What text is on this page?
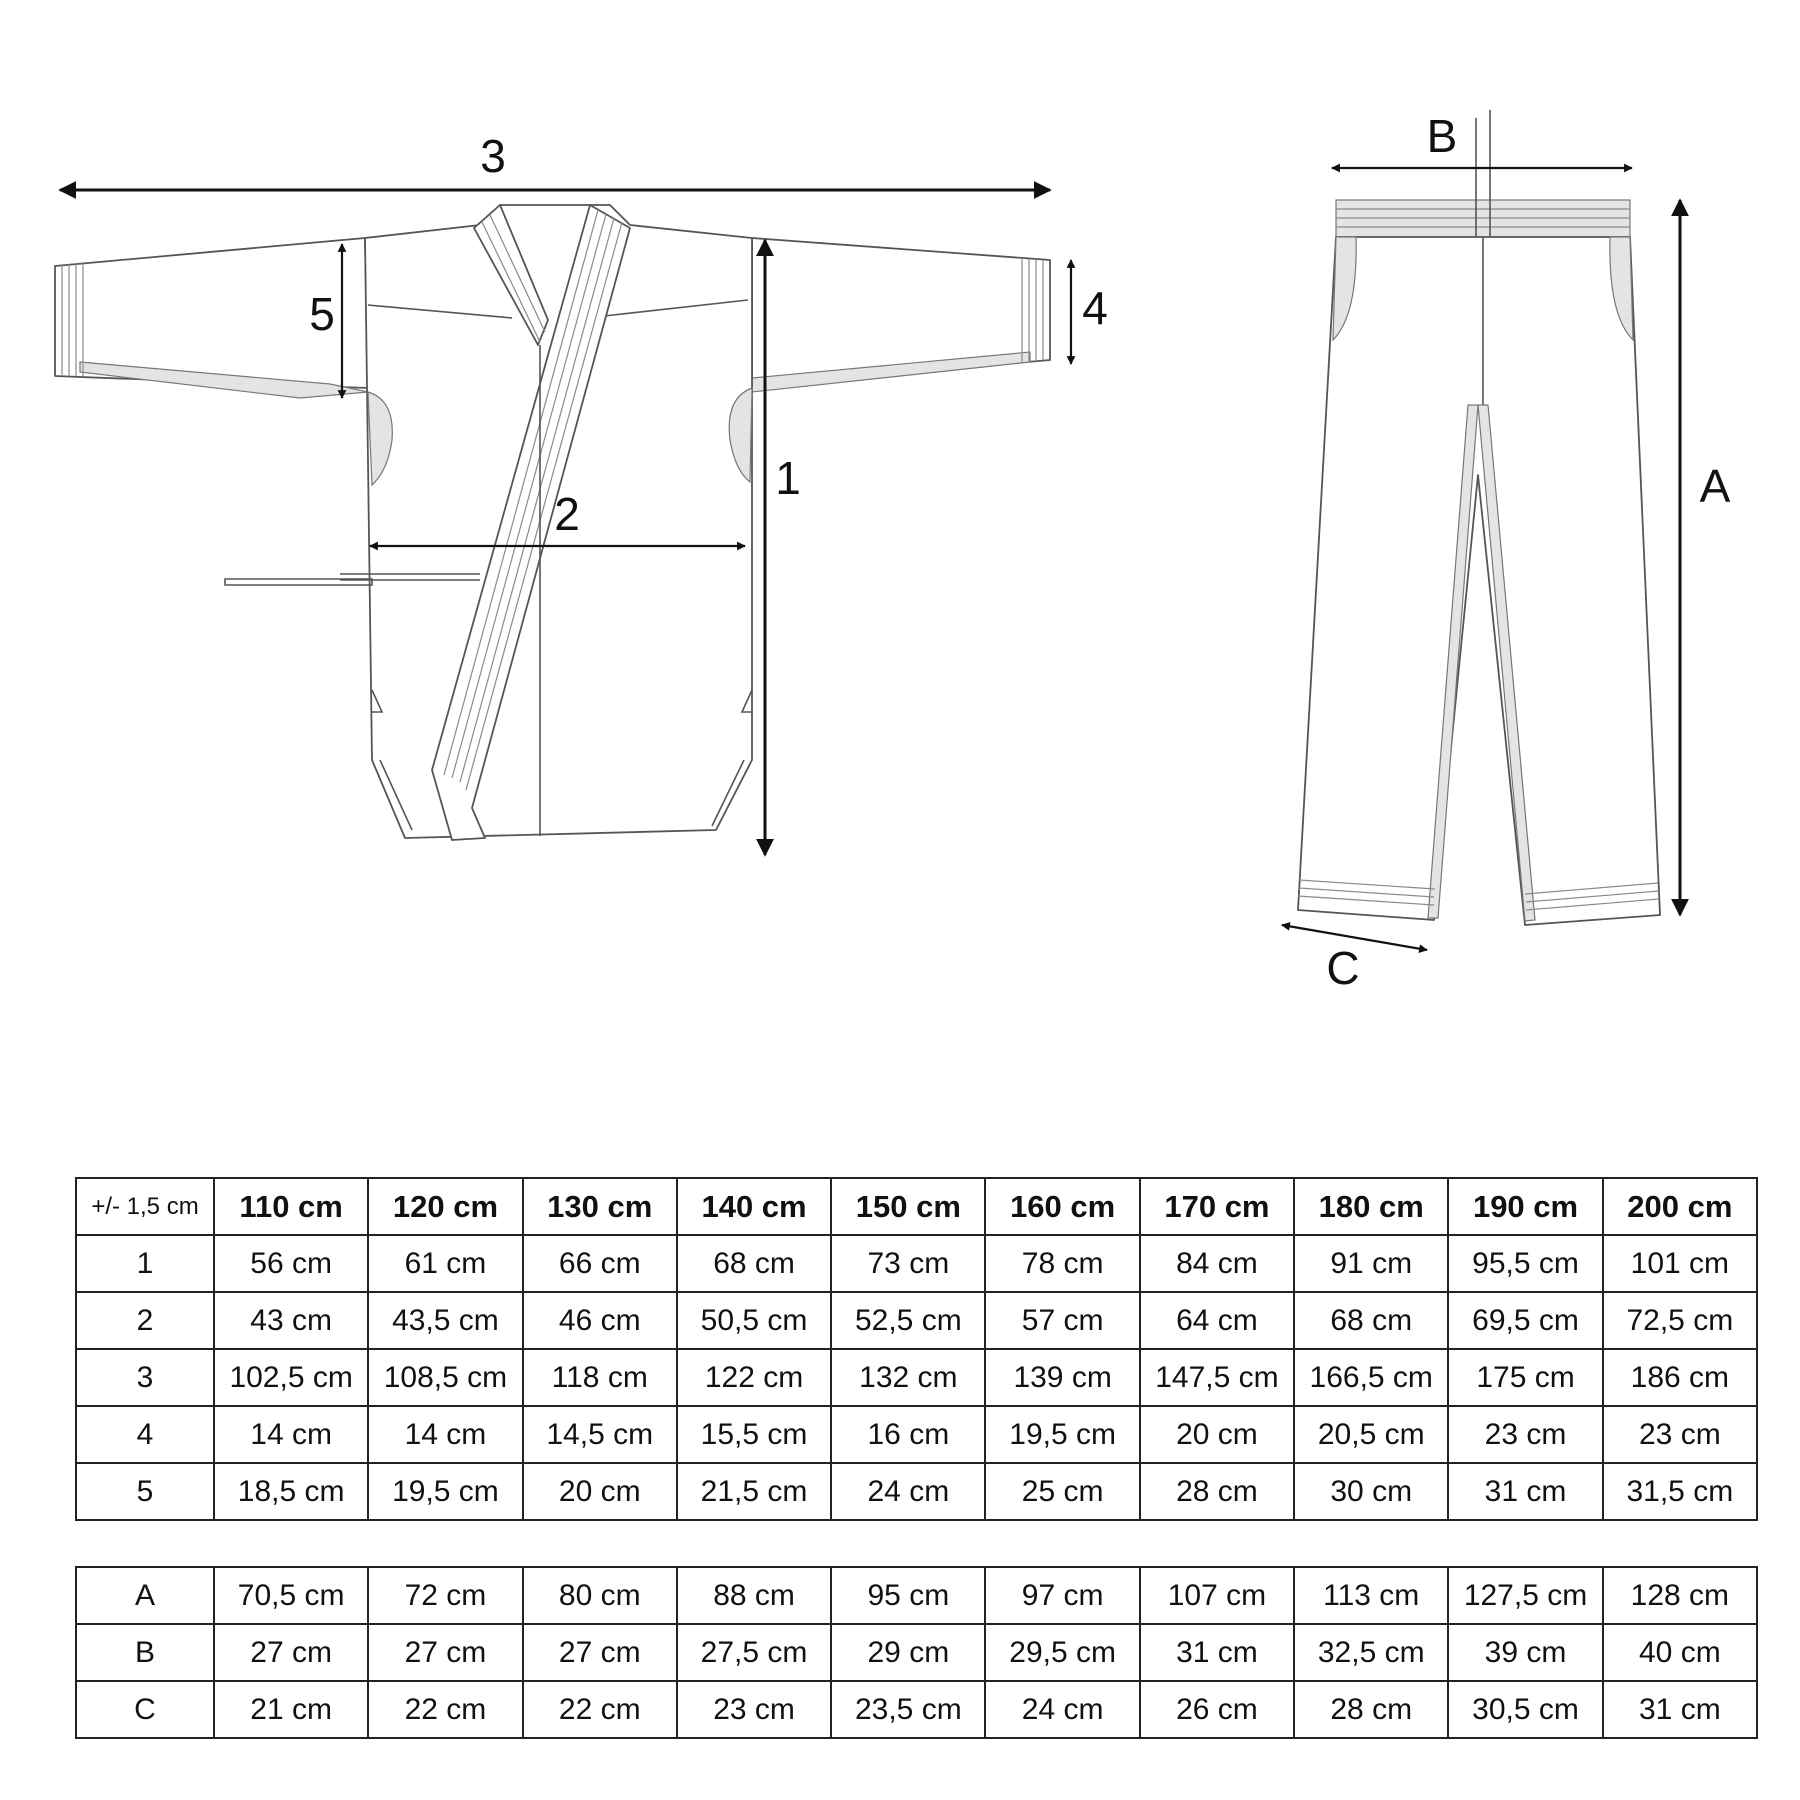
3
1
2
4
5
B
A
C
+/- 1,5 cm	110 cm	120 cm	130 cm	140 cm	150 cm	160 cm	170 cm	180 cm	190 cm	200 cm
1	56 cm	61 cm	66 cm	68 cm	73 cm	78 cm	84 cm	91 cm	95,5 cm	101 cm
2	43 cm	43,5 cm	46 cm	50,5 cm	52,5 cm	57 cm	64 cm	68 cm	69,5 cm	72,5 cm
3	102,5 cm	108,5 cm	118 cm	122 cm	132 cm	139 cm	147,5 cm	166,5 cm	175 cm	186 cm
4	14 cm	14 cm	14,5 cm	15,5 cm	16 cm	19,5 cm	20 cm	20,5 cm	23 cm	23 cm
5	18,5 cm	19,5 cm	20 cm	21,5 cm	24 cm	25 cm	28 cm	30 cm	31 cm	31,5 cm
A	70,5 cm	72 cm	80 cm	88 cm	95 cm	97 cm	107 cm	113 cm	127,5 cm	128 cm
B	27 cm	27 cm	27 cm	27,5 cm	29 cm	29,5 cm	31 cm	32,5 cm	39 cm	40 cm
C	21 cm	22 cm	22 cm	23 cm	23,5 cm	24 cm	26 cm	28 cm	30,5 cm	31 cm
